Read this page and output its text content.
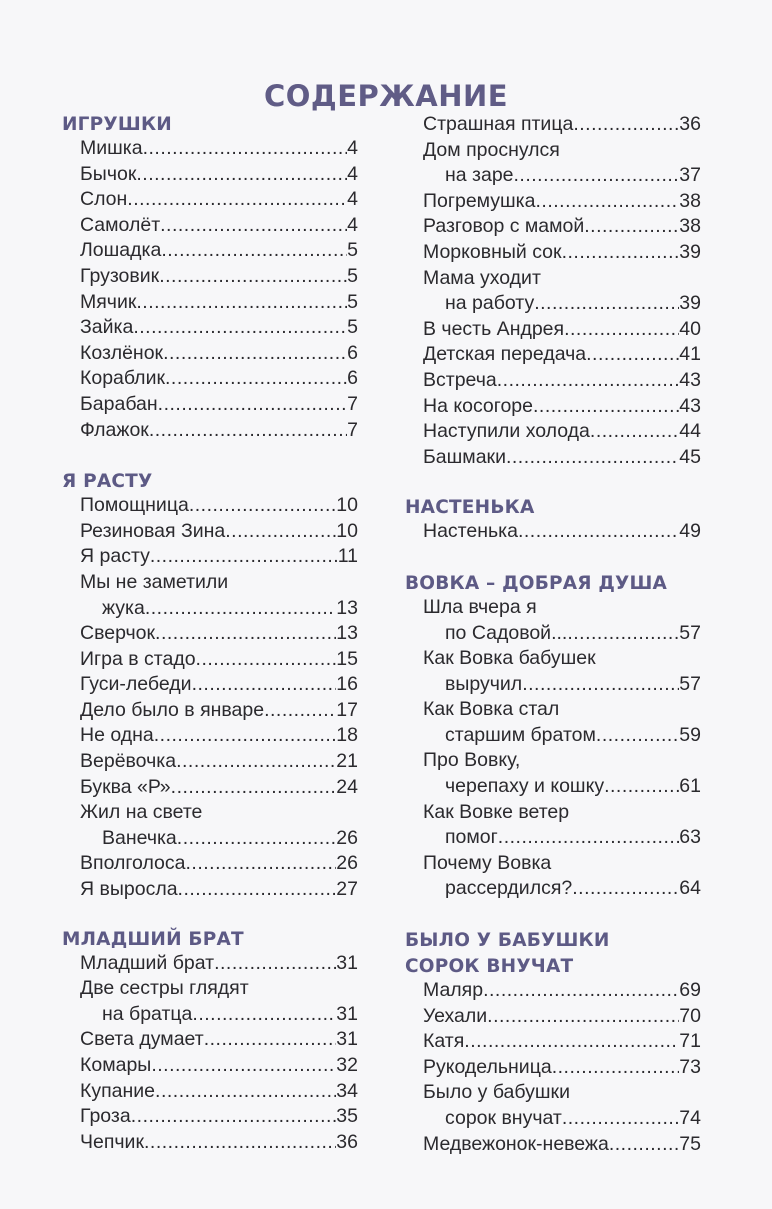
СОДЕРЖАНИЕ
ИГРУШКИ
Мишка .....	4
Бычок .....	4
Слон .....	4
Самолёт .....	4
Лошадка .....	5
Грузовик .....	5
Мячик .....	5
Зайка .....	5
Козлёнок .....	6
Кораблик .....	6
Барабан .....	7
Флажок .....	7
Я РАСТУ
Помощница .....	10
Резиновая Зина .....	10
Я расту .....	11
Мы не заметили
жука .....	13
Сверчок .....	13
Игра в стадо .....	15
Гуси-лебеди .....	16
Дело было в январе .....	17
Не одна .....	18
Верёвочка .....	21
Буква «Р» .....	24
Жил на свете
Ванечка .....	26
Вполголоса .....	26
Я выросла .....	27
МЛАДШИЙ БРАТ
Младший брат .....	31
Две сестры глядят
на братца .....	31
Света думает .....	31
Комары .....	32
Купание .....	34
Гроза .....	35
Чепчик .....	36
Страшная птица .....	36
Дом проснулся
на заре .....	37
Погремушка .....	38
Разговор с мамой .....	38
Морковный сок .....	39
Мама уходит
на работу .....	39
В честь Андрея .....	40
Детская передача .....	41
Встреча .....	43
На косогоре .....	43
Наступили холода .....	44
Башмаки .....	45
НАСТЕНЬКА
Настенька .....	49
ВОВКА – ДОБРАЯ ДУША
Шла вчера я
по Садовой... .....	57
Как Вовка бабушек
выручил .....	57
Как Вовка стал
старшим братом .....	59
Про Вовку,
черепаху и кошку .....	61
Как Вовке ветер
помог .....	63
Почему Вовка
рассердился? .....	64
БЫЛО У БАБУШКИ СОРОК ВНУЧАТ
Маляр .....	69
Уехали .....	70
Катя .....	71
Рукодельница .....	73
Было у бабушки
сорок внучат .....	74
Медвежонок-невежа .....	75
